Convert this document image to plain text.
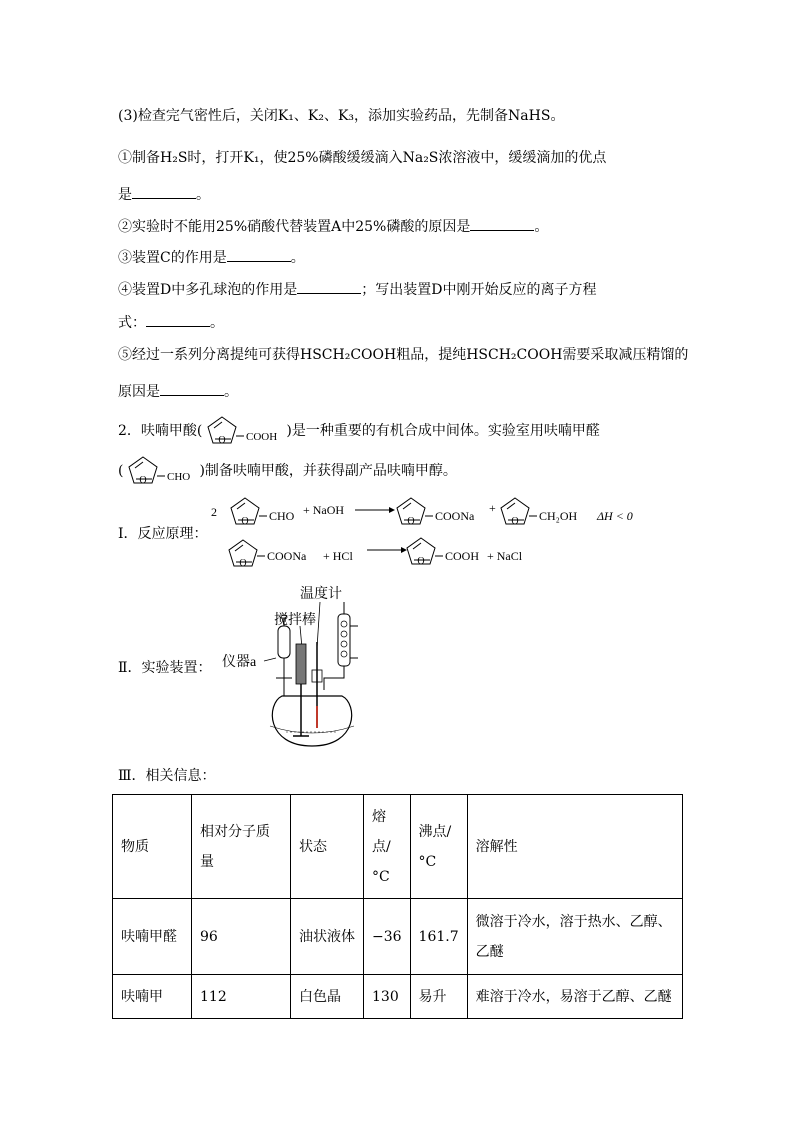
(3)检查完气密性后，关闭K₁、K₂、K₃，添加实验药品，先制备NaHS。
①制备H₂S时，打开K₁，使25%磷酸缓缓滴入Na₂S浓溶液中，缓缓滴加的优点
是	。
②实验时不能用25%硝酸代替装置A中25%磷酸的原因是	。
③装置C的作用是	。
④装置D中多孔球泡的作用是	；写出装置D中刚开始反应的离子方程
式：	。
⑤经过一系列分离提纯可获得HSCH₂COOH粗品，提纯HSCH₂COOH需要采取减压精馏的
原因是	。
2．呋喃甲酸(
O COOH )是一种重要的有机合成中间体。实验室用呋喃甲醛
(
O CHO )制备呋喃甲酸，并获得副产品呋喃甲醇。
I．反应原理：
2
O CHO + NaOH
O COONa
+
O CH₂OH ΔH < 0
O
COONa + HCl	O COOH + NaCl
Ⅱ．实验装置：
温度计
搅拌棒
仪器a
Ⅲ．相关信息：
物质	相对分子质量	状态	熔点/°C	沸点/°C	溶解性
呋喃甲醛	96	油状液体	−36	161.7	微溶于冷水，溶于热水、乙醇、乙醚
呋喃甲	112	白色晶	130	易升	难溶于冷水，易溶于乙醇、乙醚
